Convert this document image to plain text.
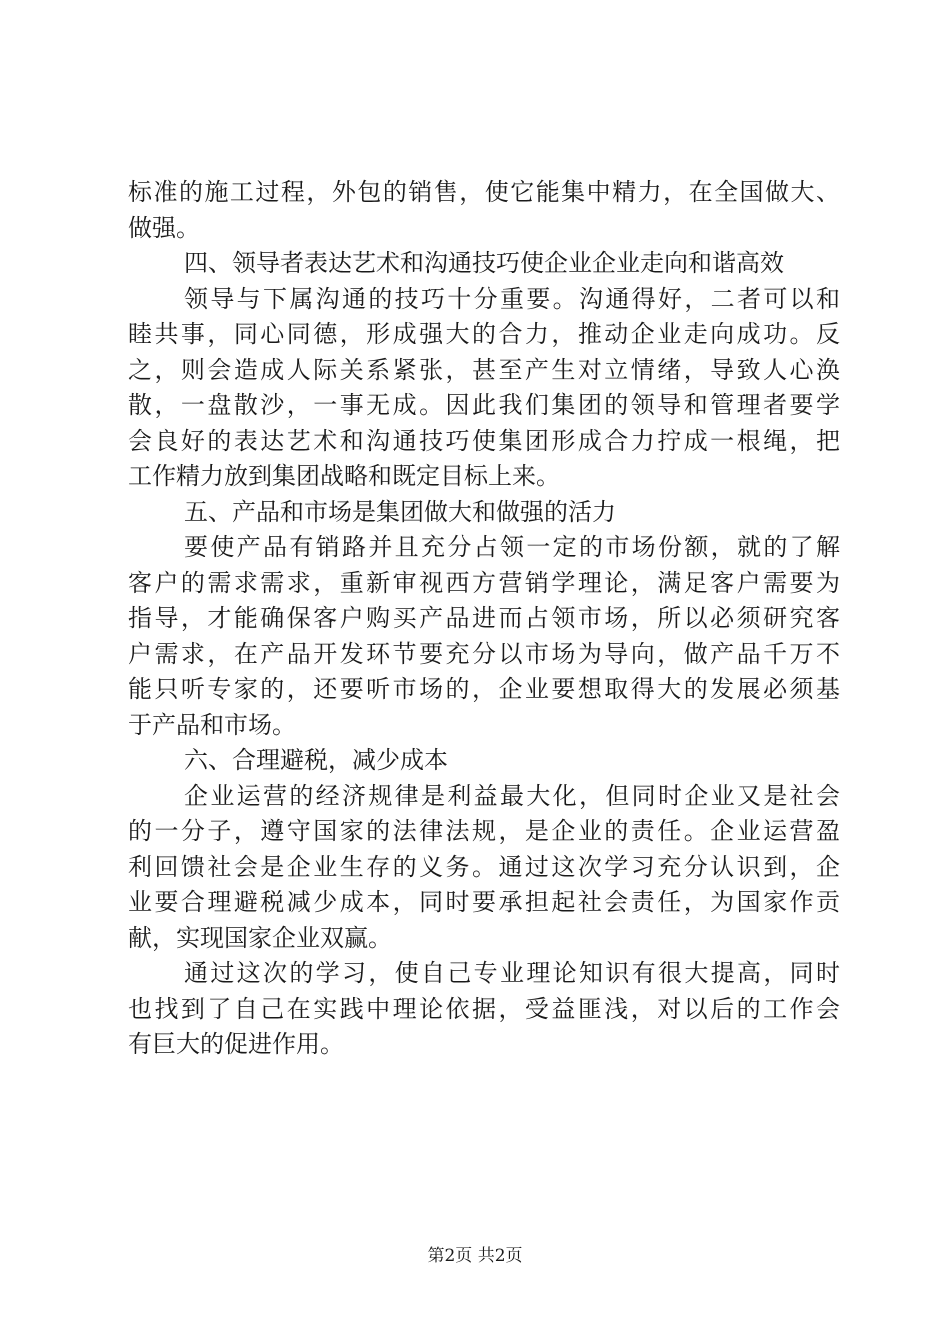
标准的施工过程，外包的销售，使它能集中精力，在全国做大、
做强。
四、领导者表达艺术和沟通技巧使企业企业走向和谐高效
领导与下属沟通的技巧十分重要。沟通得好，二者可以和
睦共事，同心同德，形成强大的合力，推动企业走向成功。反
之，则会造成人际关系紧张，甚至产生对立情绪，导致人心涣
散，一盘散沙，一事无成。因此我们集团的领导和管理者要学
会良好的表达艺术和沟通技巧使集团形成合力拧成一根绳，把
工作精力放到集团战略和既定目标上来。
五、产品和市场是集团做大和做强的活力
要使产品有销路并且充分占领一定的市场份额，就的了解
客户的需求需求，重新审视西方营销学理论，满足客户需要为
指导，才能确保客户购买产品进而占领市场，所以必须研究客
户需求，在产品开发环节要充分以市场为导向，做产品千万不
能只听专家的，还要听市场的，企业要想取得大的发展必须基
于产品和市场。
六、合理避税，减少成本
企业运营的经济规律是利益最大化，但同时企业又是社会
的一分子，遵守国家的法律法规，是企业的责任。企业运营盈
利回馈社会是企业生存的义务。通过这次学习充分认识到，企
业要合理避税减少成本，同时要承担起社会责任，为国家作贡
献，实现国家企业双赢。
通过这次的学习，使自己专业理论知识有很大提高，同时
也找到了自己在实践中理论依据，受益匪浅，对以后的工作会
有巨大的促进作用。
第2页 共2页
